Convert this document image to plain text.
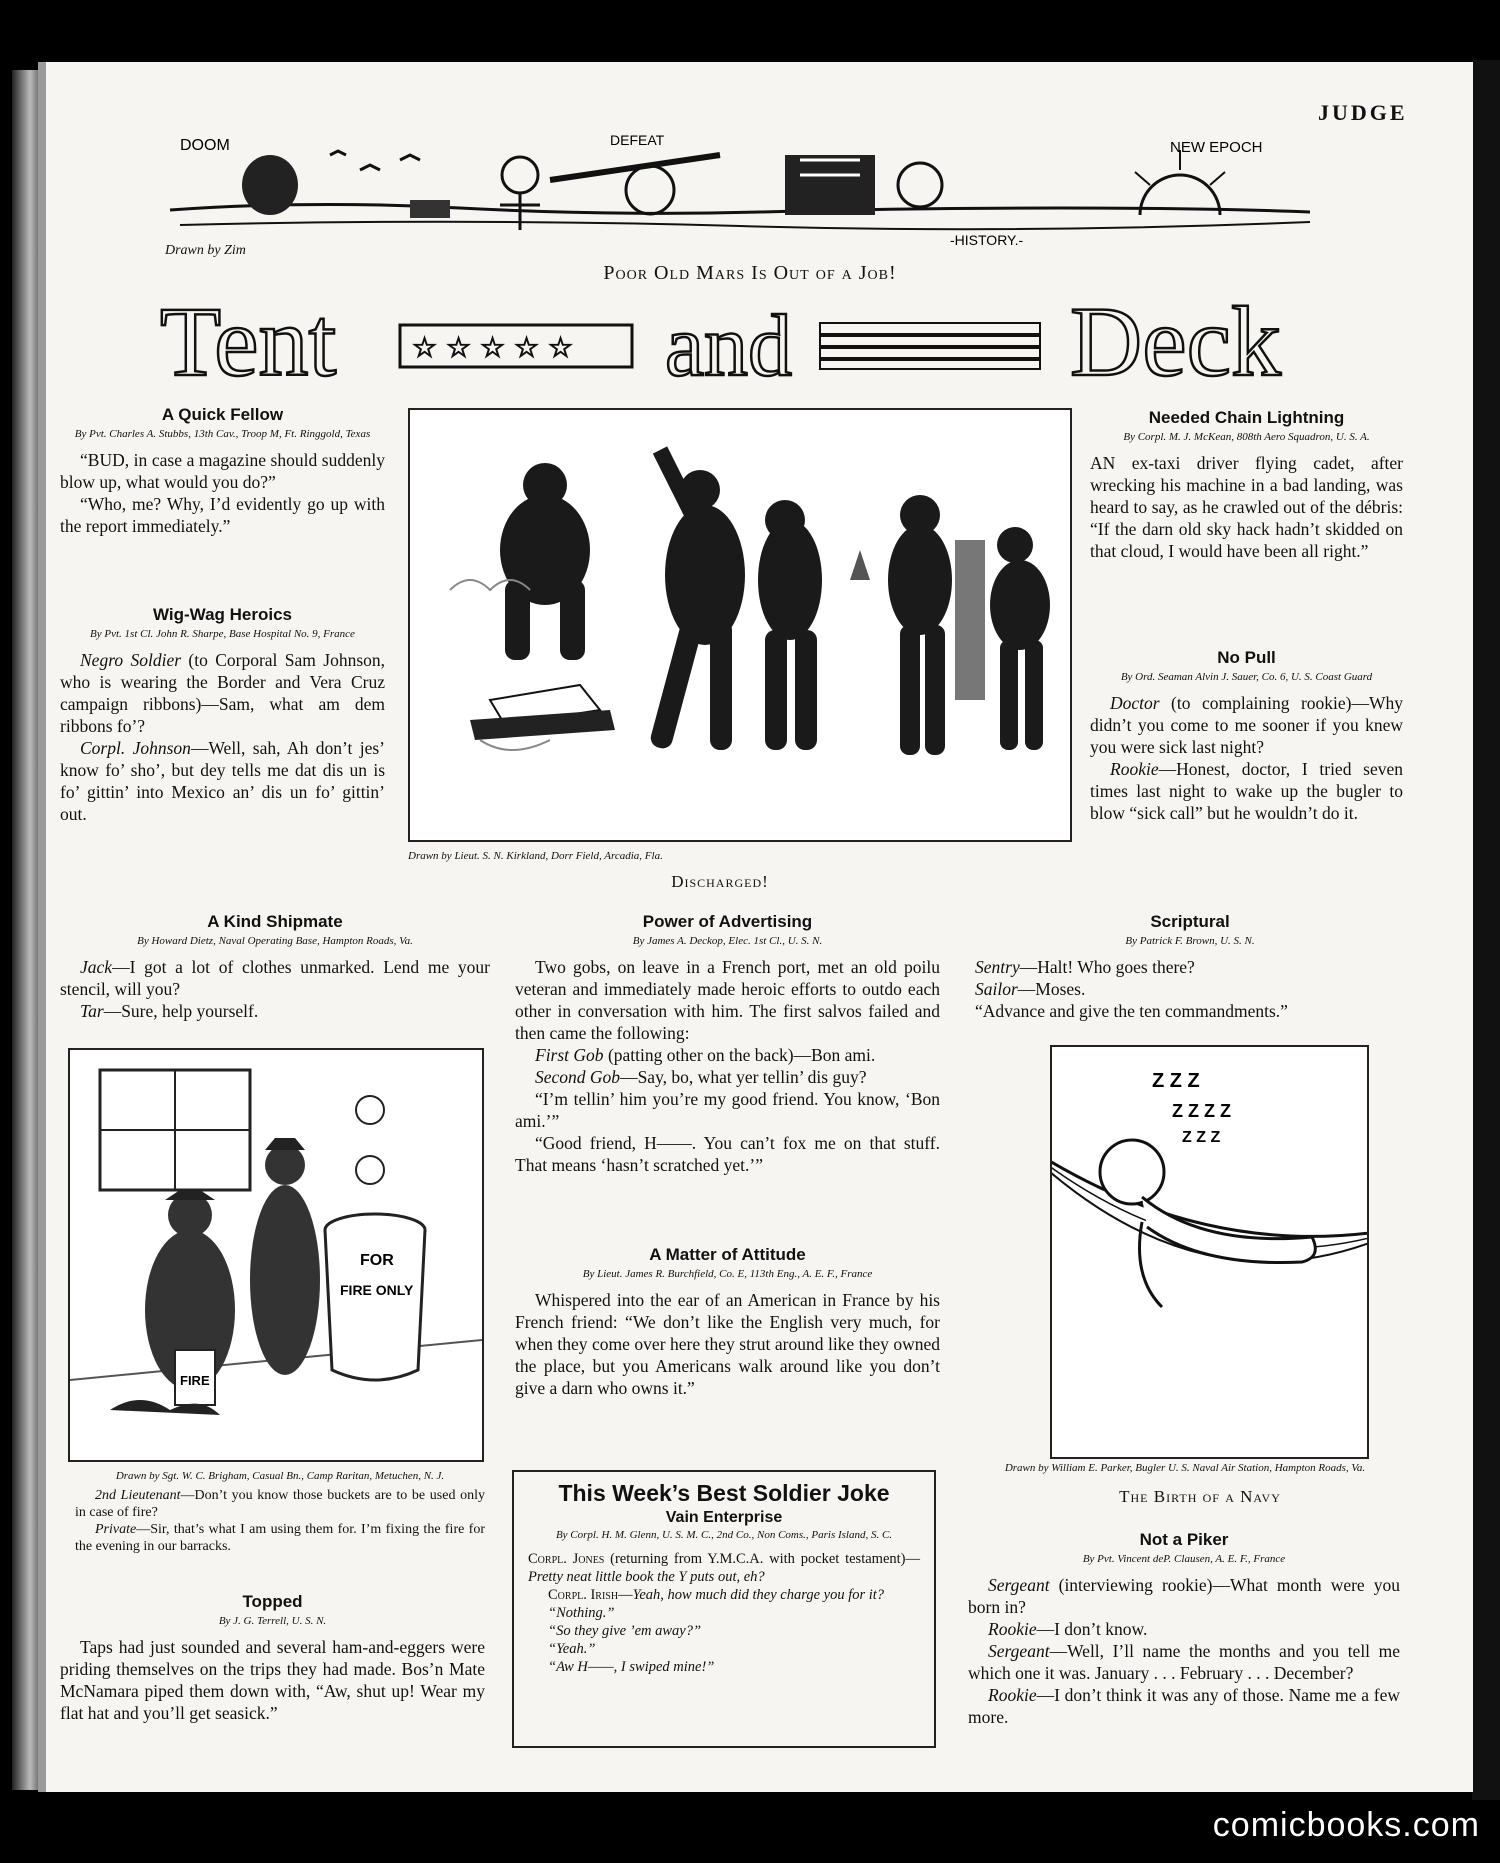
JUDGE
DOOM	DEFEAT	NEW EPOCH
-HISTORY.-
Drawn by Zim
Poor Old Mars Is Out of a Job!
Tent	☆ ☆ ☆ ☆ ☆ and	Deck
A Quick Fellow
By Pvt. Charles A. Stubbs, 13th Cav., Troop M, Ft. Ringgold, Texas

“BUD, in case a magazine should suddenly blow up, what would you do?”

“Who, me? Why, I’d evidently go up with the report immediately.”

Wig-Wag Heroics
By Pvt. 1st Cl. John R. Sharpe, Base Hospital No. 9, France

Negro Soldier (to Corporal Sam Johnson, who is wearing the Border and Vera Cruz campaign ribbons)—Sam, what am dem ribbons fo’?

Corpl. Johnson—Well, sah, Ah don’t jes’ know fo’ sho’, but dey tells me dat dis un is fo’ gittin’ into Mexico an’ dis un fo’ gittin’ out.

Drawn by Lieut. S. N. Kirkland, Dorr Field, Arcadia, Fla.
Discharged!
Needed Chain Lightning
By Corpl. M. J. McKean, 808th Aero Squadron, U. S. A.

AN ex-taxi driver flying cadet, after wrecking his machine in a bad landing, was heard to say, as he crawled out of the débris: “If the darn old sky hack hadn’t skidded on that cloud, I would have been all right.”

No Pull
By Ord. Seaman Alvin J. Sauer, Co. 6, U. S. Coast Guard

Doctor (to complaining rookie)—Why didn’t you come to me sooner if you knew you were sick last night?

Rookie—Honest, doctor, I tried seven times last night to wake up the bugler to blow “sick call” but he wouldn’t do it.

A Kind Shipmate
By Howard Dietz, Naval Operating Base, Hampton Roads, Va.

Jack—I got a lot of clothes unmarked. Lend me your stencil, will you?

Tar—Sure, help yourself.

FOR
FIRE ONLY
FIRE
Drawn by Sgt. W. C. Brigham, Casual Bn., Camp Raritan, Metuchen, N. J.

2nd Lieutenant—Don’t you know those buckets are to be used only in case of fire?

Private—Sir, that’s what I am using them for. I’m fixing the fire for the evening in our barracks.

Topped
By J. G. Terrell, U. S. N.

Taps had just sounded and several ham-and-eggers were priding themselves on the trips they had made. Bos’n Mate McNamara piped them down with, “Aw, shut up! Wear my flat hat and you’ll get seasick.”

Power of Advertising
By James A. Deckop, Elec. 1st Cl., U. S. N.

Two gobs, on leave in a French port, met an old poilu veteran and immediately made heroic efforts to outdo each other in conversation with him. The first salvos failed and then came the following:

First Gob (patting other on the back)—Bon ami.

Second Gob—Say, bo, what yer tellin’ dis guy?

“I’m tellin’ him you’re my good friend. You know, ‘Bon ami.’”

“Good friend, H——. You can’t fox me on that stuff. That means ‘hasn’t scratched yet.’”

A Matter of Attitude
By Lieut. James R. Burchfield, Co. E, 113th Eng., A. E. F., France

Whispered into the ear of an American in France by his French friend: “We don’t like the English very much, for when they come over here they strut around like they owned the place, but you Americans walk around like you don’t give a darn who owns it.”

This Week’s Best Soldier Joke
Vain Enterprise
By Corpl. H. M. Glenn, U. S. M. C., 2nd Co., Non Coms., Paris Island, S. C.

Corpl. Jones (returning from Y.M.C.A. with pocket testament)—Pretty neat little book the Y puts out, eh?

Corpl. Irish—Yeah, how much did they charge you for it?

“Nothing.”

“So they give ’em away?”

“Yeah.”

“Aw H——, I swiped mine!”

Scriptural
By Patrick F. Brown, U. S. N.

Sentry—Halt! Who goes there?

Sailor—Moses.

“Advance and give the ten commandments.”

Z Z Z
Z Z Z Z
Z Z Z
Drawn by William E. Parker, Bugler U. S. Naval Air Station, Hampton Roads, Va.
The Birth of a Navy
Not a Piker
By Pvt. Vincent deP. Clausen, A. E. F., France

Sergeant (interviewing rookie)—What month were you born in?

Rookie—I don’t know.

Sergeant—Well, I’ll name the months and you tell me which one it was. January . . . February . . . December?

Rookie—I don’t think it was any of those. Name me a few more.

comicbooks.com
